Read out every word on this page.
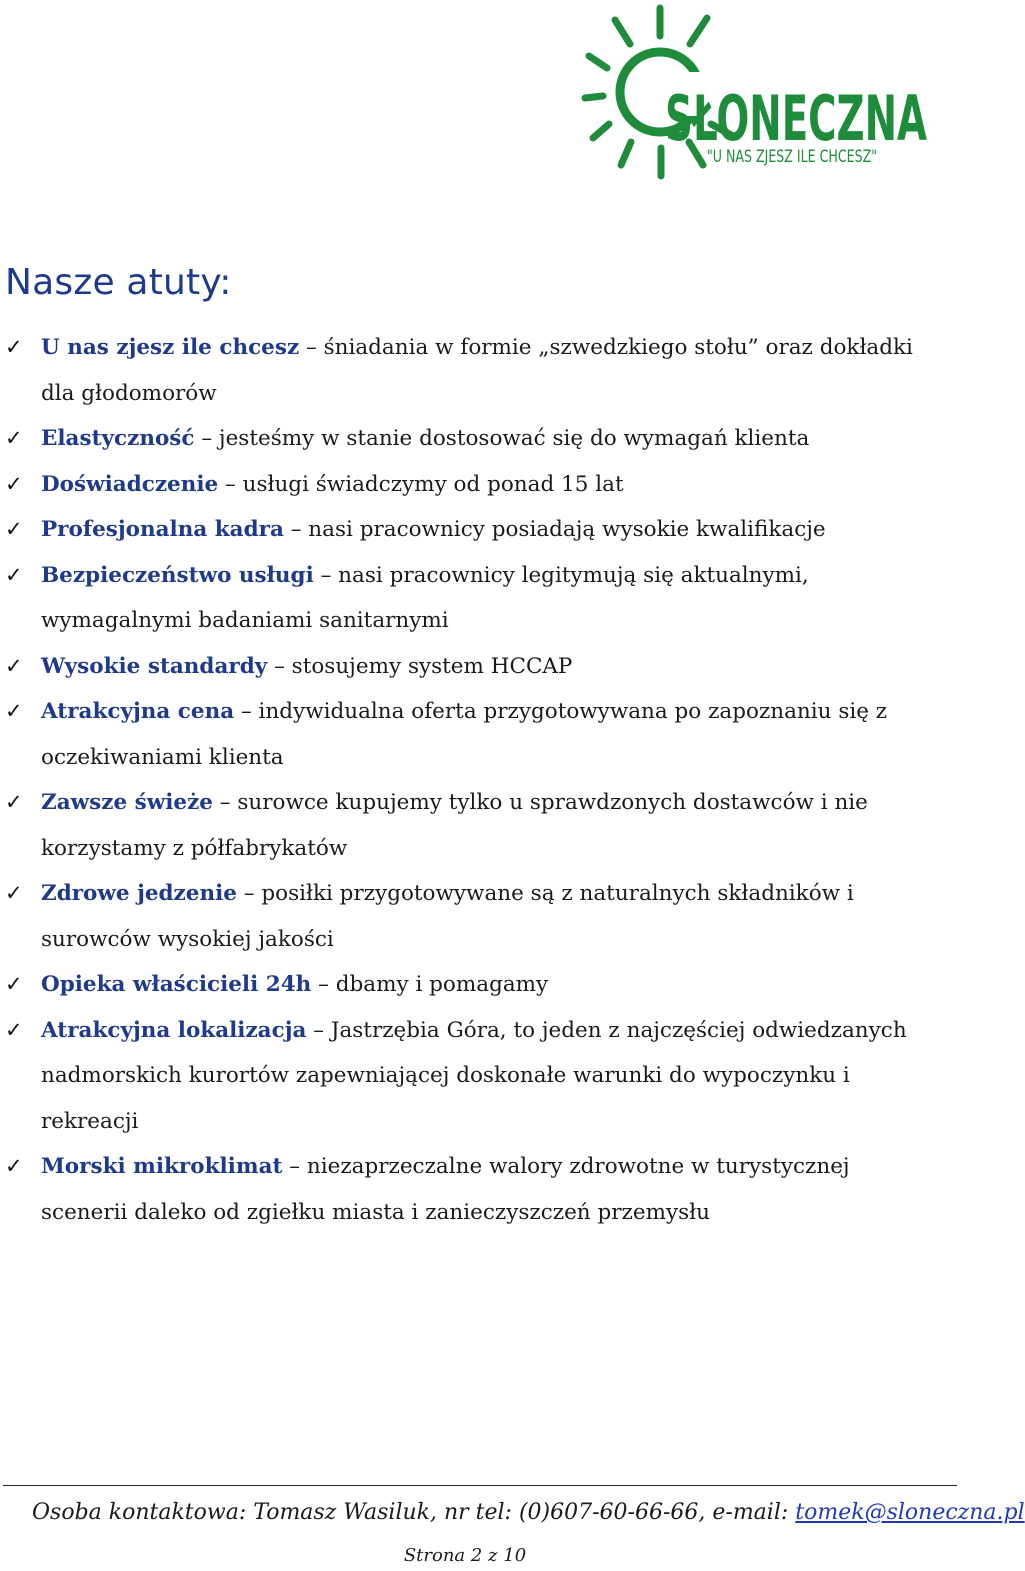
SŁONECZNA
"U NAS ZJESZ ILE CHCESZ"
Nasze atuty:
✓ U nas zjesz ile chcesz – śniadania w formie „szwedzkiego stołu” oraz dokładki dla głodomorów
✓ Elastyczność – jesteśmy w stanie dostosować się do wymagań klienta
✓ Doświadczenie – usługi świadczymy od ponad 15 lat
✓ Profesjonalna kadra – nasi pracownicy posiadają wysokie kwalifikacje
✓ Bezpieczeństwo usługi – nasi pracownicy legitymują się aktualnymi, wymagalnymi badaniami sanitarnymi
✓ Wysokie standardy – stosujemy system HCCAP
✓ Atrakcyjna cena – indywidualna oferta przygotowywana po zapoznaniu się z oczekiwaniami klienta
✓ Zawsze świeże – surowce kupujemy tylko u sprawdzonych dostawców i nie korzystamy z półfabrykatów
✓ Zdrowe jedzenie – posiłki przygotowywane są z naturalnych składników i surowców wysokiej jakości
✓ Opieka właścicieli 24h – dbamy i pomagamy
✓ Atrakcyjna lokalizacja – Jastrzębia Góra, to jeden z najczęściej odwiedzanych nadmorskich kurortów zapewniającej doskonałe warunki do wypoczynku i rekreacji
✓ Morski mikroklimat – niezaprzeczalne walory zdrowotne w turystycznej scenerii daleko od zgiełku miasta i zanieczyszczeń przemysłu
Osoba kontaktowa: Tomasz Wasiluk, nr tel: (0)607-60-66-66, e-mail: tomek@sloneczna.pl
Strona 2 z 10
